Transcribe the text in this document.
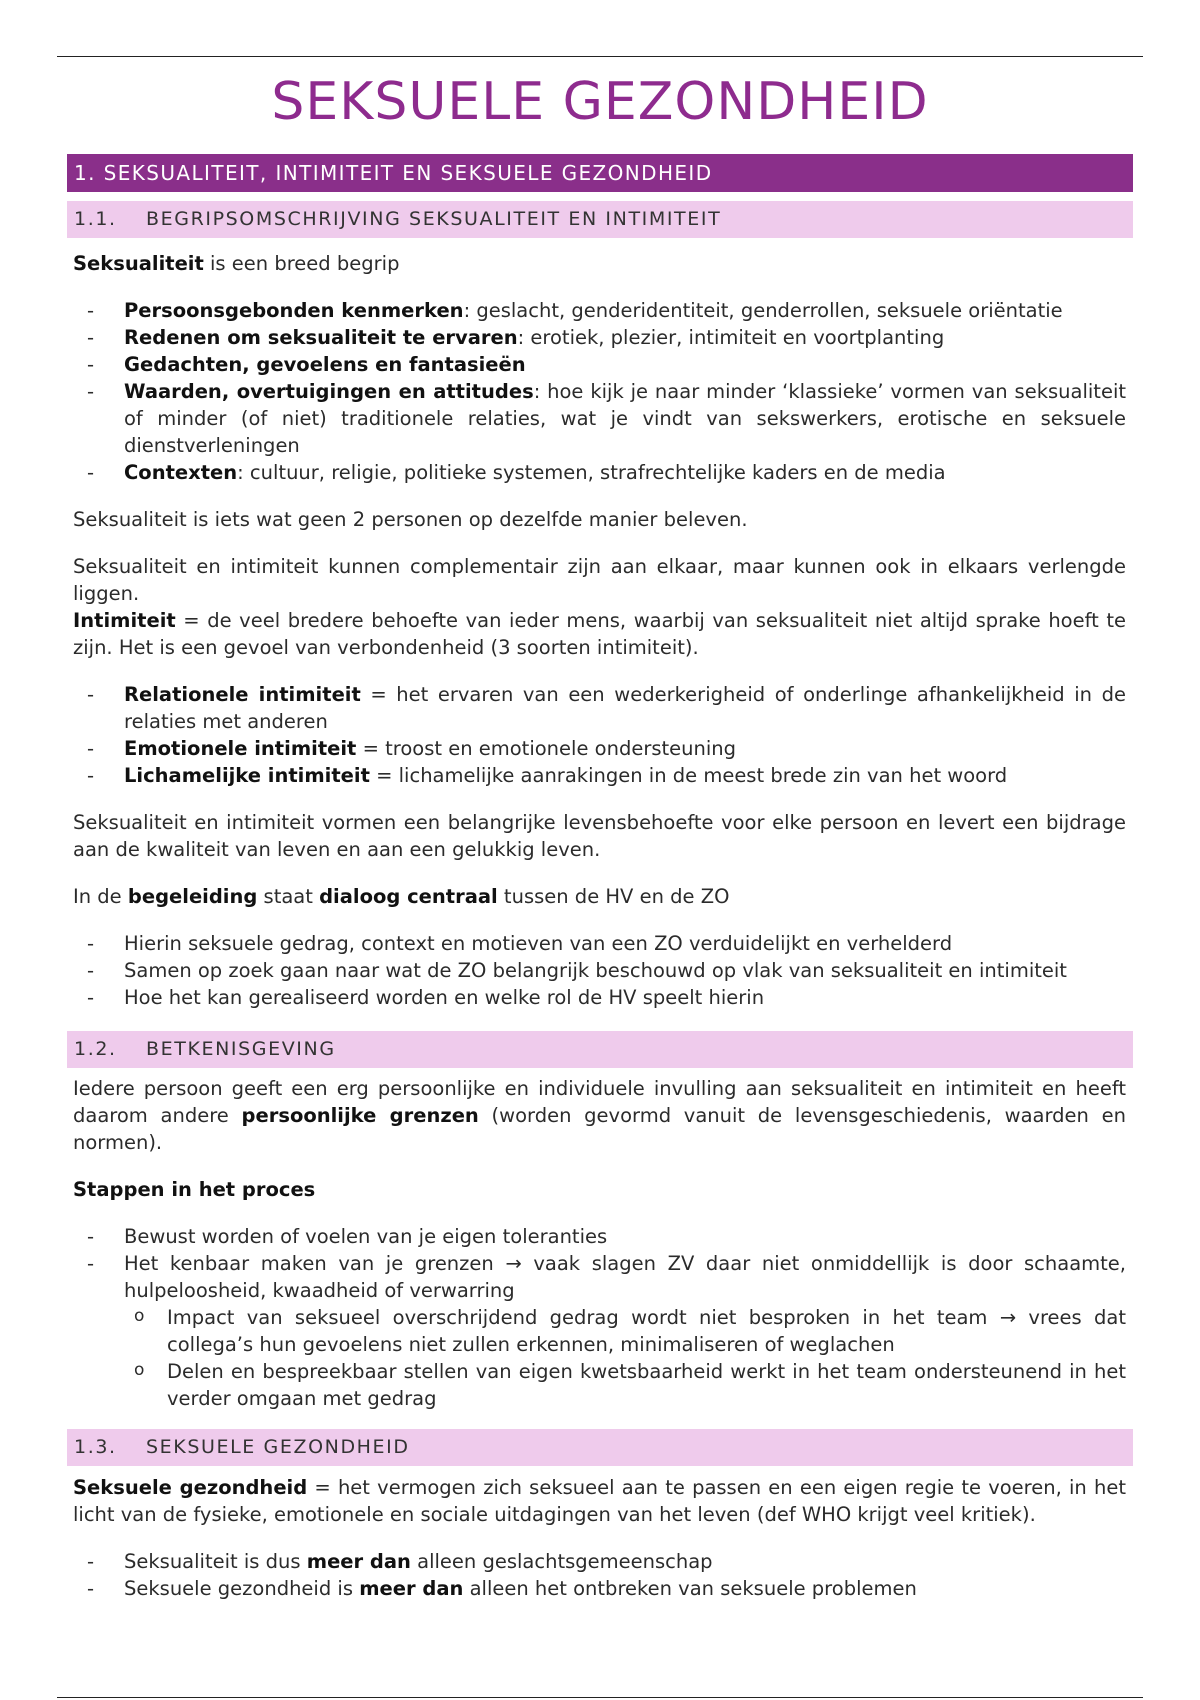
SEKSUELE GEZONDHEID
1. SEKSUALITEIT, INTIMITEIT EN SEKSUELE GEZONDHEID
1.1. BEGRIPSOMSCHRIJVING SEKSUALITEIT EN INTIMITEIT

Seksualiteit is een breed begrip

- Persoonsgebonden kenmerken: geslacht, genderidentiteit, genderrollen, seksuele oriëntatie
- Redenen om seksualiteit te ervaren: erotiek, plezier, intimiteit en voortplanting
- Gedachten, gevoelens en fantasieën
- Waarden, overtuigingen en attitudes: hoe kijk je naar minder ‘klassieke’ vormen van seksualiteit of minder (of niet) traditionele relaties, wat je vindt van sekswerkers, erotische en seksuele dienstverleningen
- Contexten: cultuur, religie, politieke systemen, strafrechtelijke kaders en de media

Seksualiteit is iets wat geen 2 personen op dezelfde manier beleven.

Seksualiteit en intimiteit kunnen complementair zijn aan elkaar, maar kunnen ook in elkaars verlengde liggen.

Intimiteit = de veel bredere behoefte van ieder mens, waarbij van seksualiteit niet altijd sprake hoeft te zijn. Het is een gevoel van verbondenheid (3 soorten intimiteit).

- Relationele intimiteit = het ervaren van een wederkerigheid of onderlinge afhankelijkheid in de relaties met anderen
- Emotionele intimiteit = troost en emotionele ondersteuning
- Lichamelijke intimiteit = lichamelijke aanrakingen in de meest brede zin van het woord

Seksualiteit en intimiteit vormen een belangrijke levensbehoefte voor elke persoon en levert een bijdrage aan de kwaliteit van leven en aan een gelukkig leven.

In de begeleiding staat dialoog centraal tussen de HV en de ZO

- Hierin seksuele gedrag, context en motieven van een ZO verduidelijkt en verhelderd
- Samen op zoek gaan naar wat de ZO belangrijk beschouwd op vlak van seksualiteit en intimiteit
- Hoe het kan gerealiseerd worden en welke rol de HV speelt hierin
1.2. BETKENISGEVING

Iedere persoon geeft een erg persoonlijke en individuele invulling aan seksualiteit en intimiteit en heeft daarom andere persoonlijke grenzen (worden gevormd vanuit de levensgeschiedenis, waarden en normen).

Stappen in het proces

- Bewust worden of voelen van je eigen toleranties
- Het kenbaar maken van je grenzen → vaak slagen ZV daar niet onmiddellijk is door schaamte, hulpeloosheid, kwaadheid of verwarring
o Impact van seksueel overschrijdend gedrag wordt niet besproken in het team → vrees dat collega’s hun gevoelens niet zullen erkennen, minimaliseren of weglachen
o Delen en bespreekbaar stellen van eigen kwetsbaarheid werkt in het team ondersteunend in het verder omgaan met gedrag
1.3. SEKSUELE GEZONDHEID

Seksuele gezondheid = het vermogen zich seksueel aan te passen en een eigen regie te voeren, in het licht van de fysieke, emotionele en sociale uitdagingen van het leven (def WHO krijgt veel kritiek).

- Seksualiteit is dus meer dan alleen geslachtsgemeenschap
- Seksuele gezondheid is meer dan alleen het ontbreken van seksuele problemen
